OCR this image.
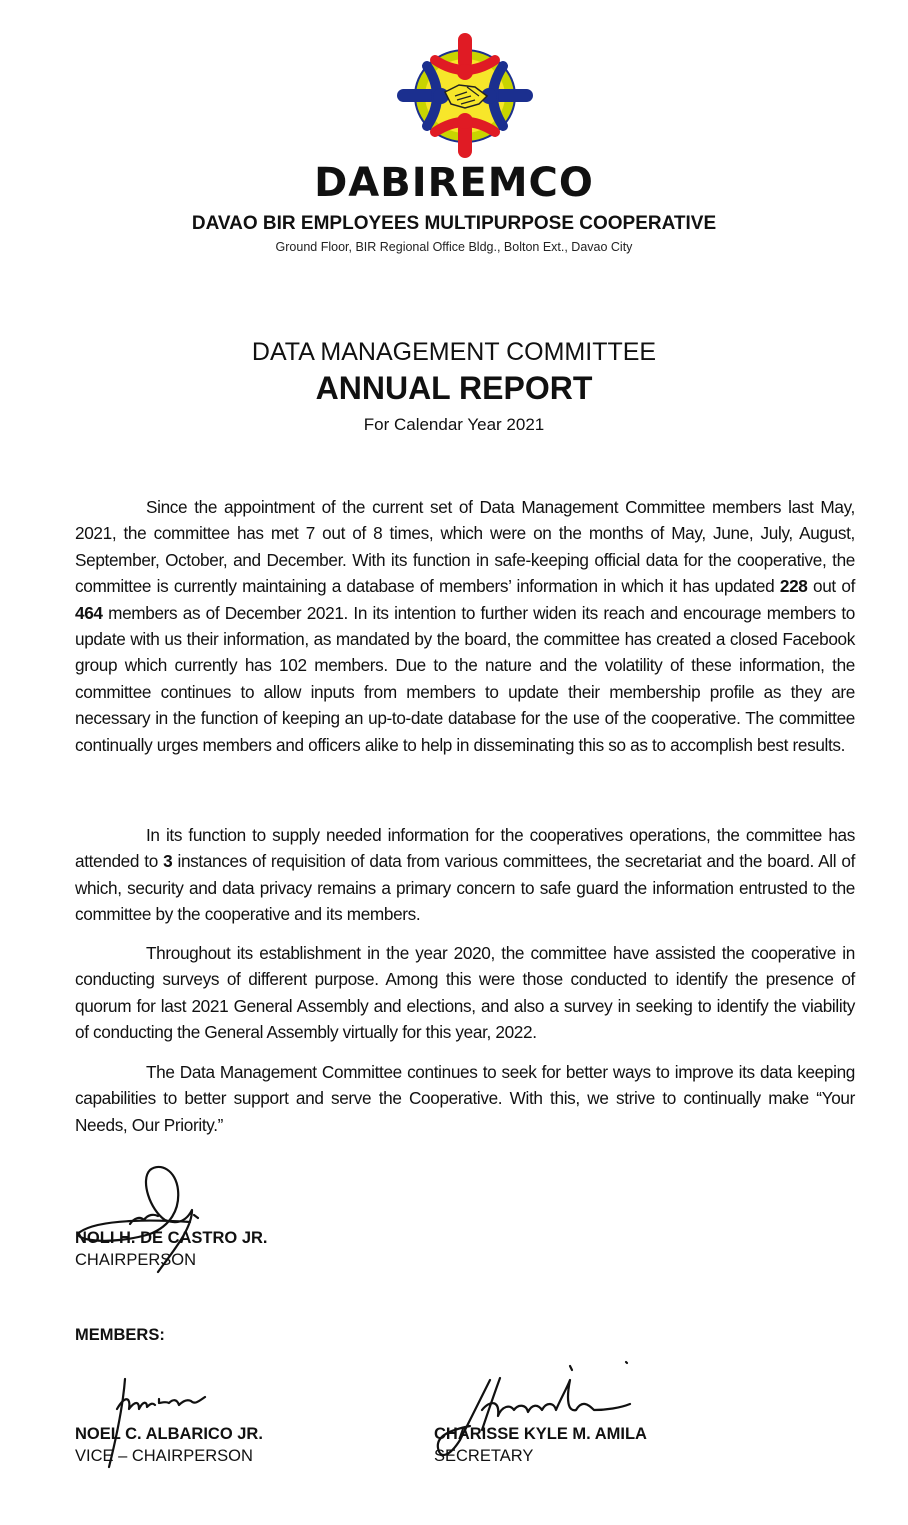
DABIREMCO
DAVAO BIR EMPLOYEES MULTIPURPOSE COOPERATIVE
Ground Floor, BIR Regional Office Bldg., Bolton Ext., Davao City
DATA MANAGEMENT COMMITTEE
ANNUAL REPORT
For Calendar Year 2021

Since the appointment of the current set of Data Management Committee members last May, 2021, the committee has met 7 out of 8 times, which were on the months of May, June, July, August, September, October, and December. With its function in safe-keeping official data for the cooperative, the committee is currently maintaining a database of members’ information in which it has updated 228 out of 464 members as of December 2021. In its intention to further widen its reach and encourage members to update with us their information, as mandated by the board, the committee has created a closed Facebook group which currently has 102 members. Due to the nature and the volatility of these information, the committee continues to allow inputs from members to update their membership profile as they are necessary in the function of keeping an up-to-date database for the use of the cooperative. The committee continually urges members and officers alike to help in disseminating this so as to accomplish best results.

In its function to supply needed information for the cooperatives operations, the committee has attended to 3 instances of requisition of data from various committees, the secretariat and the board. All of which, security and data privacy remains a primary concern to safe guard the information entrusted to the committee by the cooperative and its members.

Throughout its establishment in the year 2020, the committee have assisted the cooperative in conducting surveys of different purpose. Among this were those conducted to identify the presence of quorum for last 2021 General Assembly and elections, and also a survey in seeking to identify the viability of conducting the General Assembly virtually for this year, 2022.

The Data Management Committee continues to seek for better ways to improve its data keeping capabilities to better support and serve the Cooperative. With this, we strive to continually make “Your Needs, Our Priority.”

NOLI H. DE CASTRO JR.
CHAIRPERSON
MEMBERS:
NOEL C. ALBARICO JR.
VICE – CHAIRPERSON
CHARISSE KYLE M. AMILA
SECRETARY
